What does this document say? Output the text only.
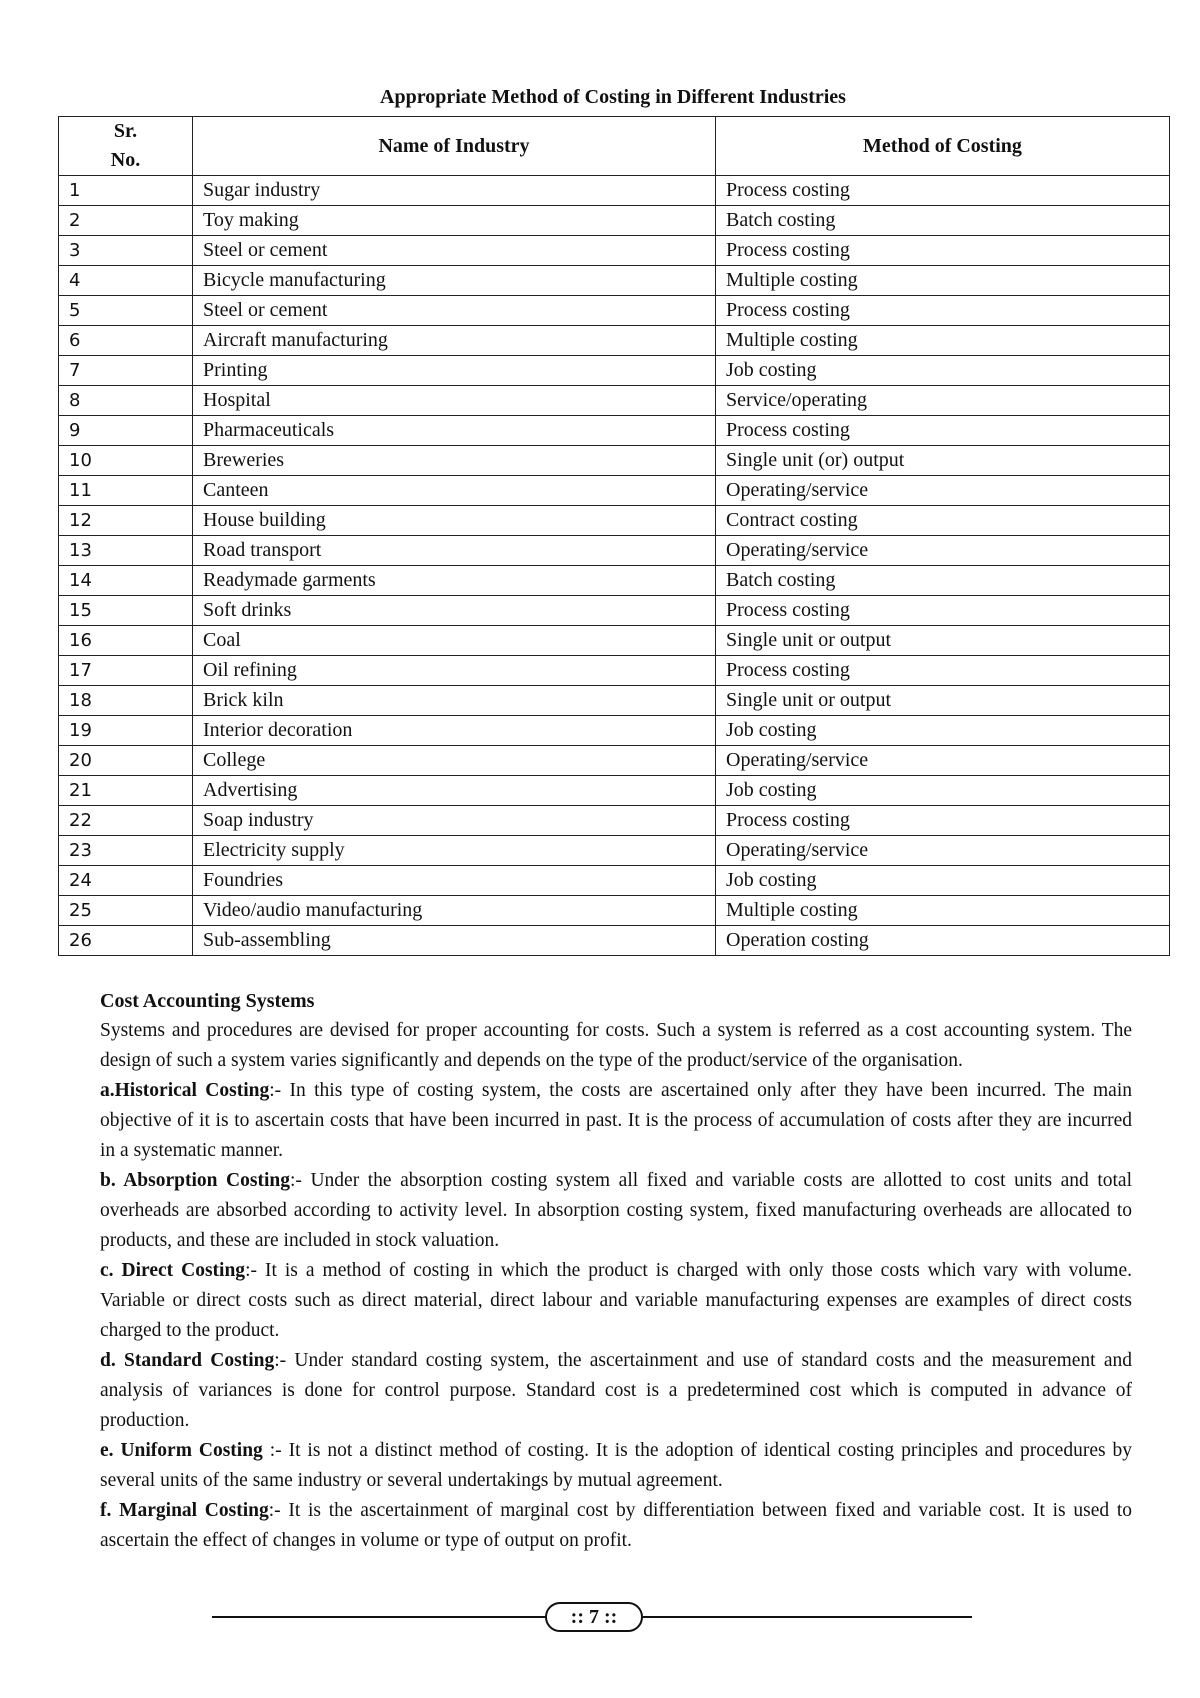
Appropriate Method of Costing in Different Industries
Sr.
No.	Name of Industry	Method of Costing
1	Sugar industry	Process costing
2	Toy making	Batch costing
3	Steel or cement	Process costing
4	Bicycle manufacturing	Multiple costing
5	Steel or cement	Process costing
6	Aircraft manufacturing	Multiple costing
7	Printing	Job costing
8	Hospital	Service/operating
9	Pharmaceuticals	Process costing
10	Breweries	Single unit (or) output
11	Canteen	Operating/service
12	House building	Contract costing
13	Road transport	Operating/service
14	Readymade garments	Batch costing
15	Soft drinks	Process costing
16	Coal	Single unit or output
17	Oil refining	Process costing
18	Brick kiln	Single unit or output
19	Interior decoration	Job costing
20	College	Operating/service
21	Advertising	Job costing
22	Soap industry	Process costing
23	Electricity supply	Operating/service
24	Foundries	Job costing
25	Video/audio manufacturing	Multiple costing
26	Sub-assembling	Operation costing
Cost Accounting Systems

Systems and procedures are devised for proper accounting for costs. Such a system is referred as a cost accounting system. The design of such a system varies significantly and depends on the type of the product/service of the organisation.

a.Historical Costing:- In this type of costing system, the costs are ascertained only after they have been incurred. The main objective of it is to ascertain costs that have been incurred in past. It is the process of accumulation of costs after they are incurred in a systematic manner.

b. Absorption Costing:- Under the absorption costing system all fixed and variable costs are allotted to cost units and total overheads are absorbed according to activity level. In absorption costing system, fixed manufacturing overheads are allocated to products, and these are included in stock valuation.

c. Direct Costing:- It is a method of costing in which the product is charged with only those costs which vary with volume. Variable or direct costs such as direct material, direct labour and variable manufacturing expenses are examples of direct costs charged to the product.

d. Standard Costing:- Under standard costing system, the ascertainment and use of standard costs and the measurement and analysis of variances is done for control purpose. Standard cost is a predetermined cost which is computed in advance of production.

e. Uniform Costing :- It is not a distinct method of costing. It is the adoption of identical costing principles and procedures by several units of the same industry or several undertakings by mutual agreement.

f. Marginal Costing:- It is the ascertainment of marginal cost by differentiation between fixed and variable cost. It is used to ascertain the effect of changes in volume or type of output on profit.

:: 7 ::
